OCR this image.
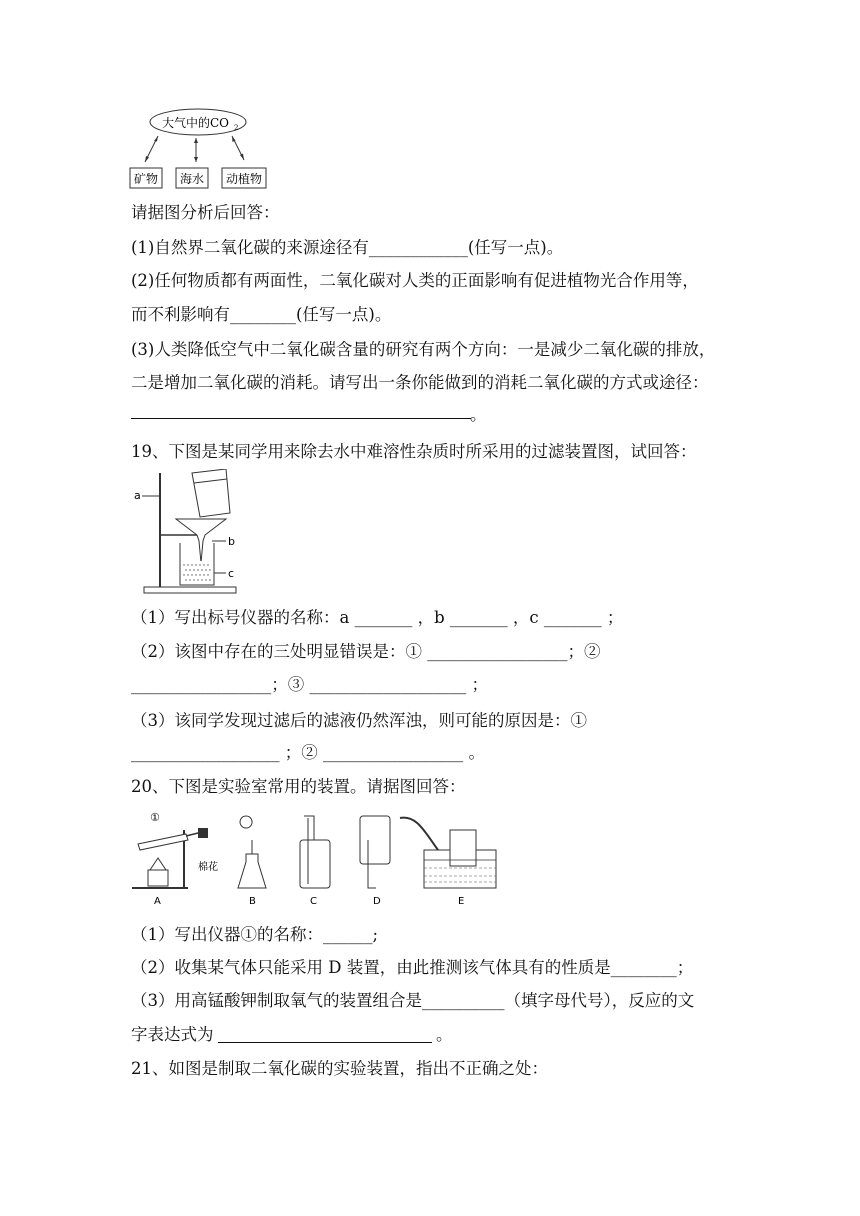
大气中的CO 2
矿物 海水 动植物
请据图分析后回答：
(1)自然界二氧化碳的来源途径有____________(任写一点)。
(2)任何物质都有两面性，二氧化碳对人类的正面影响有促进植物光合作用等，
而不利影响有________(任写一点)。
(3)人类降低空气中二氧化碳含量的研究有两个方向：一是减少二氧化碳的排放，
二是增加二氧化碳的消耗。请写出一条你能做到的消耗二氧化碳的方式或途径：
。
19、下图是某同学用来除去水中难溶性杂质时所采用的过滤装置图，试回答：
a
b
c
（1）写出标号仪器的名称：a _______ ，b _______ ，c _______ ；
（2）该图中存在的三处明显错误是：① _________________；②
_________________；③ ___________________ ；
（3）该同学发现过滤后的滤液仍然浑浊，则可能的原因是：①
__________________ ；② _________________ 。
20、下图是实验室常用的装置。请据图回答：
①
棉花
A	B	C	D	E
（1）写出仪器①的名称：______;
（2）收集某气体只能采用 D 装置，由此推测该气体具有的性质是________；
（3）用高锰酸钾制取氧气的装置组合是__________（填字母代号），反应的文
字表达式为	。
21、如图是制取二氧化碳的实验装置，指出不正确之处：
